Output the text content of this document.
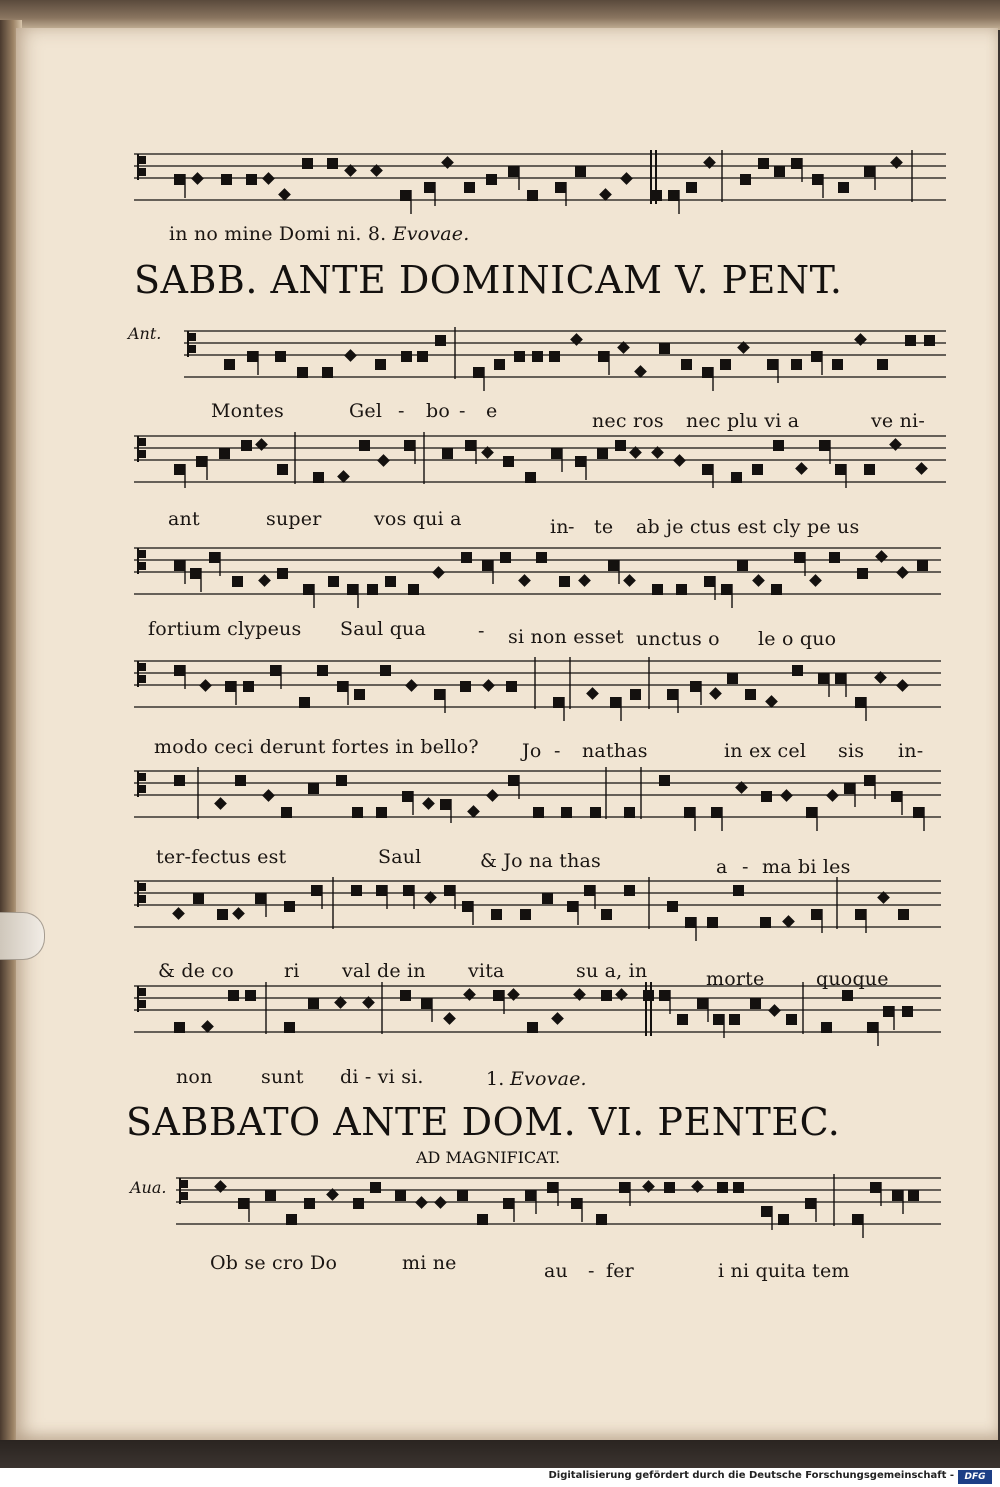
in no mine Domi ni. 8. Evovae.
SABB. ANTE DOMINICAM V. PENT.
Ant.
Montes	Gel - bo - e	nec ros nec plu vi a	ve ni-
ant	super	vos qui a	in - te ab je ctus est cly pe us
fortium clypeus Saul qua	- si non esset unctus o le o quo
modo ceci derunt fortes in bello? Jo - nathas	in ex cel sis in-
ter-fectus est	Saul	& Jo na thas	a - ma bi les
& de co	ri val de in vita	su a, in	morte	quoque
non	sunt di - vi si.	1. Evovae.
SABBATO ANTE DOM. VI. PENTEC.
AD MAGNIFICAT.
Aua.
Ob se cro Do	mi ne	au - fer	i ni quita tem
Digitalisierung gefördert durch die Deutsche Forschungsgemeinschaft -	DFG
